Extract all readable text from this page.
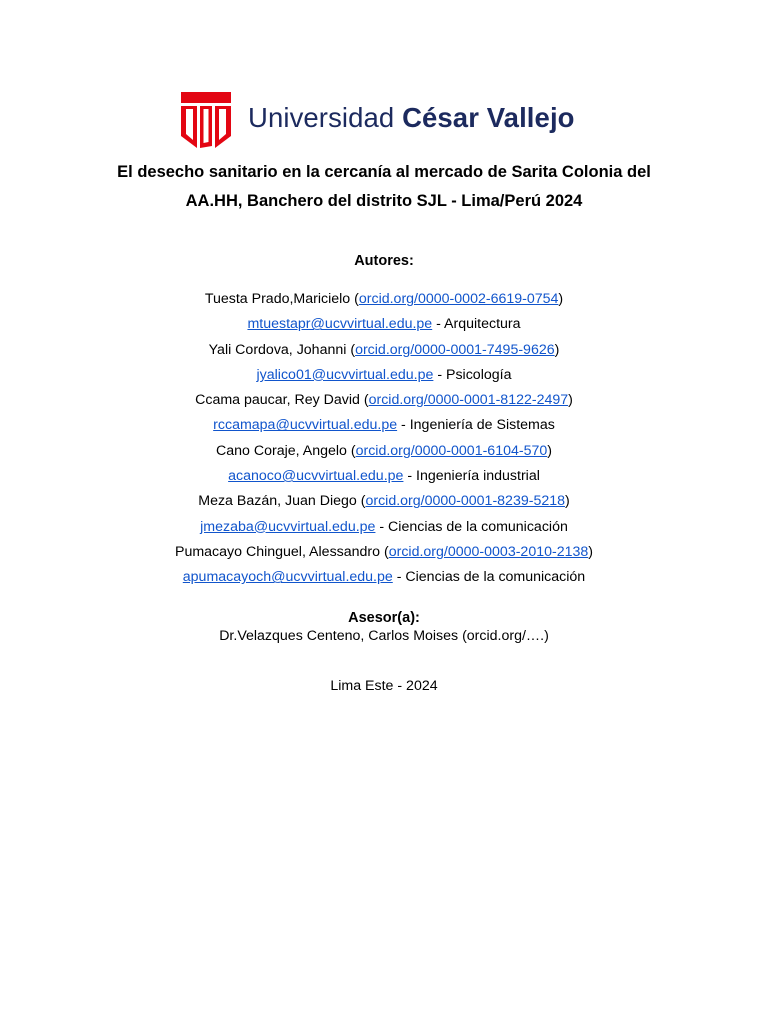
Universidad César Vallejo
El desecho sanitario en la cercanía al mercado de Sarita Colonia del
AA.HH, Banchero del distrito SJL - Lima/Perú 2024
Autores:
Tuesta Prado,Maricielo (orcid.org/0000-0002-6619-0754)
mtuestapr@ucvvirtual.edu.pe - Arquitectura
Yali Cordova, Johanni (orcid.org/0000-0001-7495-9626)
jyalico01@ucvvirtual.edu.pe - Psicología
Ccama paucar, Rey David (orcid.org/0000-0001-8122-2497)
rccamapa@ucvvirtual.edu.pe - Ingeniería de Sistemas
Cano Coraje, Angelo (orcid.org/0000-0001-6104-570)
acanoco@ucvvirtual.edu.pe - Ingeniería industrial
Meza Bazán, Juan Diego (orcid.org/0000-0001-8239-5218)
jmezaba@ucvvirtual.edu.pe - Ciencias de la comunicación
Pumacayo Chinguel, Alessandro (orcid.org/0000-0003-2010-2138)
apumacayoch@ucvvirtual.edu.pe - Ciencias de la comunicación
Asesor(a):
Dr.Velazques Centeno, Carlos Moises (orcid.org/….)
Lima Este - 2024
